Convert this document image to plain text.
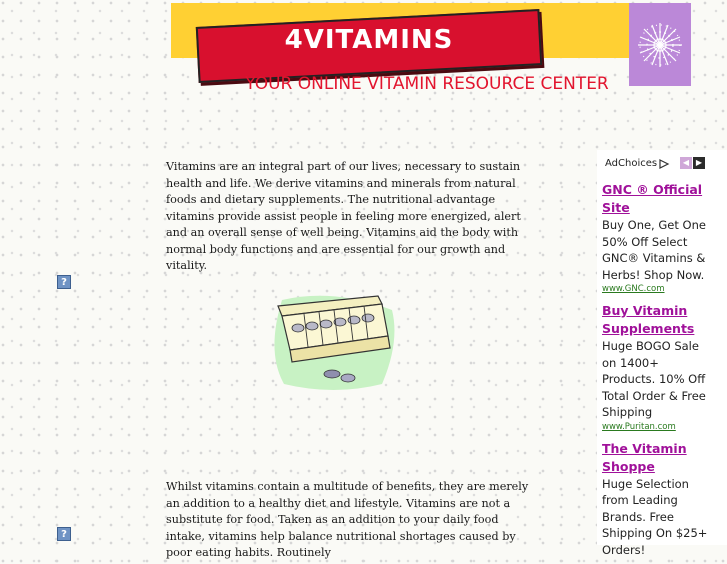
4VITAMINS
YOUR ONLINE VITAMIN RESOURCE CENTER

Vitamins are an integral part of our lives, necessary to sustain health and life. We derive vitamins and minerals from natural foods and dietary supplements. The nutritional advantage vitamins provide assist people in feeling more energized, alert and an overall sense of well being. Vitamins aid the body with normal body functions and are essential for our growth and vitality.

Whilst vitamins contain a multitude of benefits, they are merely an addition to a healthy diet and lifestyle. Vitamins are not a substitute for food. Taken as an addition to your daily food intake, vitamins help balance nutritional shortages caused by poor eating habits. Routinely

?
?
AdChoices	◀ ▶
GNC ® Official Site
Buy One, Get One 50% Off Select GNC® Vitamins & Herbs! Shop Now.
www.GNC.com
Buy Vitamin Supplements
Huge BOGO Sale on 1400+ Products. 10% Off Total Order & Free Shipping
www.Puritan.com
The Vitamin Shoppe
Huge Selection from Leading Brands. Free Shipping On $25+ Orders!
